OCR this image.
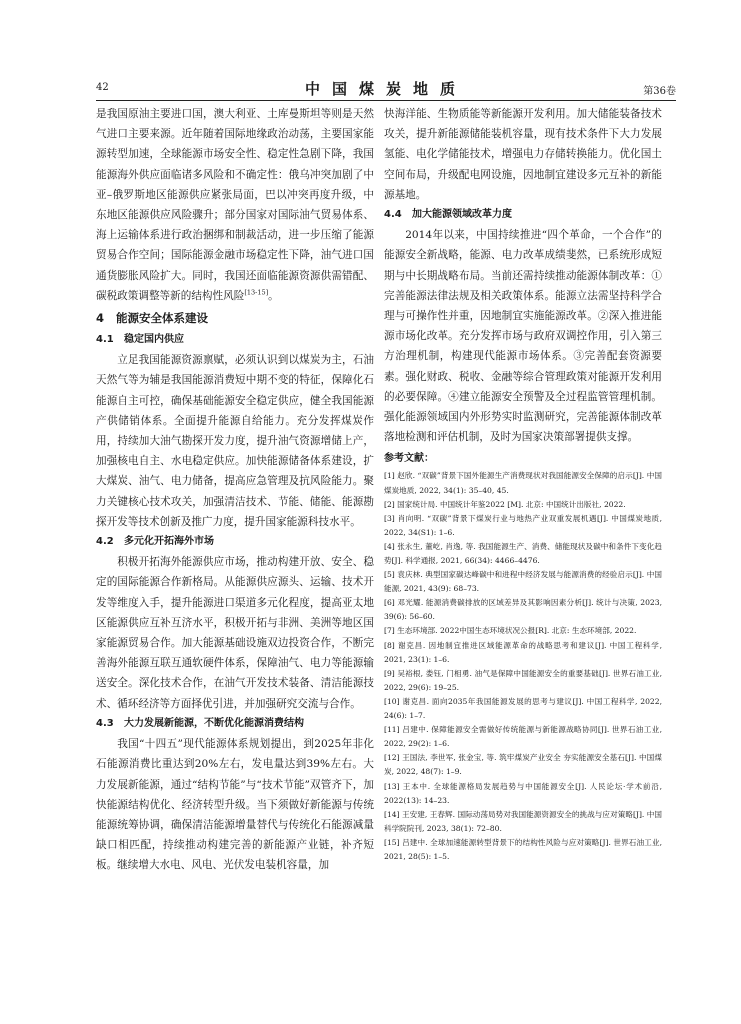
42	中国煤炭地质	第36卷

是我国原油主要进口国，澳大利亚、土库曼斯坦等则是天然气进口主要来源。近年随着国际地缘政治动荡，主要国家能源转型加速，全球能源市场安全性、稳定性急剧下降，我国能源海外供应面临诸多风险和不确定性：俄乌冲突加剧了中亚–俄罗斯地区能源供应紧张局面，巴以冲突再度升级，中东地区能源供应风险骤升；部分国家对国际油气贸易体系、海上运输体系进行政治捆绑和制裁活动，进一步压缩了能源贸易合作空间；国际能源金融市场稳定性下降，油气进口国通货膨胀风险扩大。同时，我国还面临能源资源供需错配、碳税政策调整等新的结构性风险[13-15]。

4 能源安全体系建设
4.1 稳定国内供应

立足我国能源资源禀赋，必须认识到以煤炭为主，石油天然气等为辅是我国能源消费短中期不变的特征，保障化石能源自主可控，确保基础能源安全稳定供应，健全我国能源产供储销体系。全面提升能源自给能力。充分发挥煤炭作用，持续加大油气勘探开发力度，提升油气资源增储上产，加强核电自主、水电稳定供应。加快能源储备体系建设，扩大煤炭、油气、电力储备，提高应急管理及抗风险能力。聚力关键核心技术攻关，加强清洁技术、节能、储能、能源勘探开发等技术创新及推广力度，提升国家能源科技水平。

4.2 多元化开拓海外市场

积极开拓海外能源供应市场，推动构建开放、安全、稳定的国际能源合作新格局。从能源供应源头、运输、技术开发等维度入手，提升能源进口渠道多元化程度，提高亚太地区能源供应互补互济水平，积极开拓与非洲、美洲等地区国家能源贸易合作。加大能源基础设施双边投资合作，不断完善海外能源互联互通软硬件体系，保障油气、电力等能源输送安全。深化技术合作，在油气开发技术装备、清洁能源技术、循环经济等方面择优引进，并加强研究交流与合作。

4.3 大力发展新能源，不断优化能源消费结构

我国“十四五”现代能源体系规划提出，到2025年非化石能源消费比重达到20%左右，发电量达到39%左右。大力发展新能源，通过“结构节能”与“技术节能”双管齐下，加快能源结构优化、经济转型升级。当下须做好新能源与传统能源统筹协调，确保清洁能源增量替代与传统化石能源减量缺口相匹配，持续推动构建完善的新能源产业链，补齐短板。继续增大水电、风电、光伏发电装机容量，加

快海洋能、生物质能等新能源开发利用。加大储能装备技术攻关，提升新能源储能装机容量，现有技术条件下大力发展氢能、电化学储能技术，增强电力存储转换能力。优化国土空间布局，升级配电网设施，因地制宜建设多元互补的新能源基地。

4.4 加大能源领域改革力度

2014年以来，中国持续推进“四个革命，一个合作”的能源安全新战略，能源、电力改革成绩斐然，已系统形成短期与中长期战略布局。当前还需持续推动能源体制改革：①完善能源法律法规及相关政策体系。能源立法需坚持科学合理与可操作性并重，因地制宜实施能源改革。②深入推进能源市场化改革。充分发挥市场与政府双调控作用，引入第三方治理机制，构建现代能源市场体系。③完善配套资源要素。强化财政、税收、金融等综合管理政策对能源开发利用的必要保障。④建立能源安全预警及全过程监管管理机制。强化能源领域国内外形势实时监测研究，完善能源体制改革落地检测和评估机制，及时为国家决策部署提供支撑。

参考文献：
[1] 赵欣. “双碳”背景下国外能源生产消费现状对我国能源安全保障的启示[J]. 中国煤炭地质, 2022, 34(1): 35–40, 45.
[2] 国家统计局. 中国统计年鉴2022 [M]. 北京: 中国统计出版社, 2022.
[3] 肖向明. “双碳”背景下煤炭行业与地热产业双重发展机遇[J]. 中国煤炭地质, 2022, 34(S1): 1–6.
[4] 张永生, 董屹, 肖逸, 等. 我国能源生产、消费、储能现状及碳中和条件下变化趋势[J]. 科学通报, 2021, 66(34): 4466–4476.
[5] 袁庆林. 典型国家碳达峰碳中和进程中经济发展与能源消费的经验启示[J]. 中国能源, 2021, 43(9): 68–73.
[6] 邓光耀. 能源消费碳排放的区域差异及其影响因素分析[J]. 统计与决策, 2023, 39(6): 56–60.
[7] 生态环境部. 2022中国生态环境状况公报[R]. 北京: 生态环境部, 2022.
[8] 谢克昌. 因地制宜推进区域能源革命的战略思考和建议[J]. 中国工程科学, 2021, 23(1): 1–6.
[9] 吴裕根, 娄钰, 门相勇. 油气是保障中国能源安全的重要基础[J]. 世界石油工业, 2022, 29(6): 19–25.
[10] 谢克昌. 面向2035年我国能源发展的思考与建议[J]. 中国工程科学, 2022, 24(6): 1–7.
[11] 吕建中. 保障能源安全需做好传统能源与新能源战略协同[J]. 世界石油工业, 2022, 29(2): 1–6.
[12] 王国法, 李世军, 张金宝, 等. 筑牢煤炭产业安全 夯实能源安全基石[J]. 中国煤炭, 2022, 48(7): 1–9.
[13] 王本中. 全球能源格局发展趋势与中国能源安全[J]. 人民论坛·学术前沿, 2022(13): 14–23.
[14] 王安建, 王春辉. 国际动荡局势对我国能源资源安全的挑战与应对策略[J]. 中国科学院院刊, 2023, 38(1): 72–80.
[15] 吕建中. 全球加速能源转型背景下的结构性风险与应对策略[J]. 世界石油工业, 2021, 28(5): 1–5.
